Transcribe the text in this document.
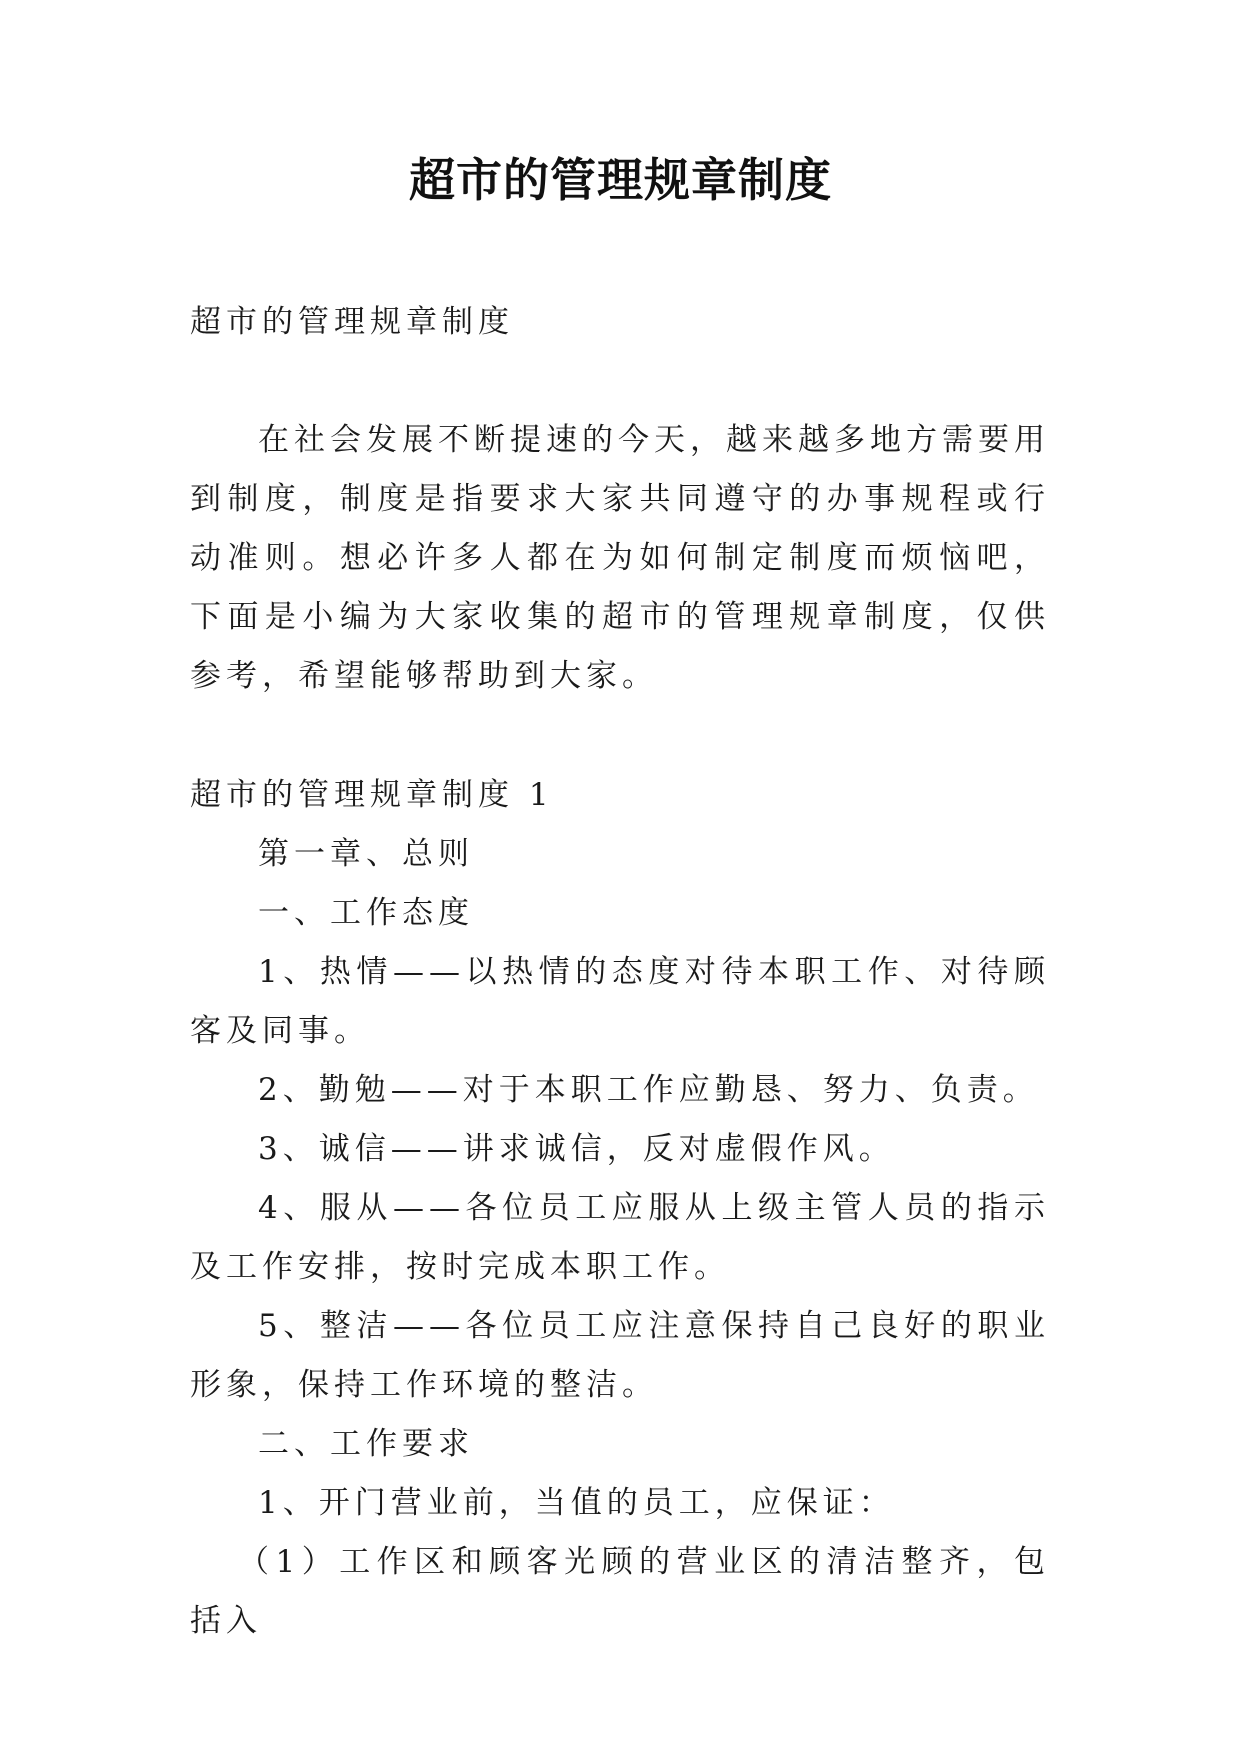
超市的管理规章制度

超市的管理规章制度

在社会发展不断提速的今天，越来越多地方需要用到制度，制度是指要求大家共同遵守的办事规程或行动准则。想必许多人都在为如何制定制度而烦恼吧，下面是小编为大家收集的超市的管理规章制度，仅供参考，希望能够帮助到大家。

超市的管理规章制度 1

第一章、总则

一、工作态度

1、热情——以热情的态度对待本职工作、对待顾客及同事。

2、勤勉——对于本职工作应勤恳、努力、负责。

3、诚信——讲求诚信，反对虚假作风。

4、服从——各位员工应服从上级主管人员的指示及工作安排，按时完成本职工作。

5、整洁——各位员工应注意保持自己良好的职业形象，保持工作环境的整洁。

二、工作要求

1、开门营业前，当值的员工，应保证：

（1）工作区和顾客光顾的营业区的清洁整齐，包括入
